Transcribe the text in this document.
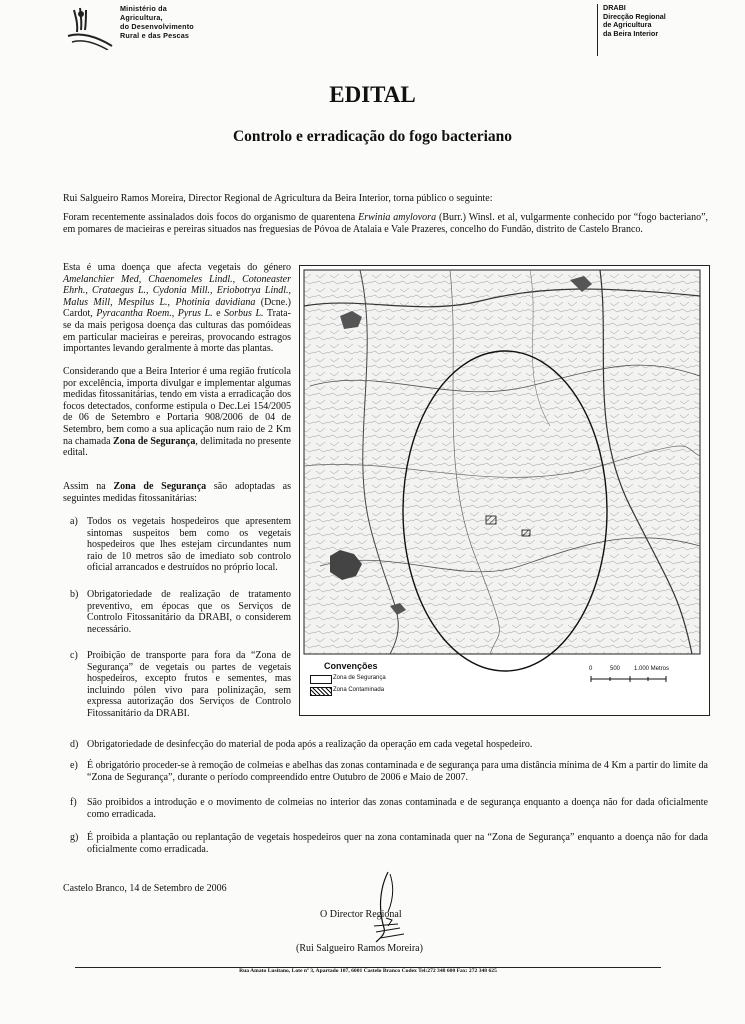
Ministério da
Agricultura,
do Desenvolvimento
Rural e das Pescas
DRABI
Direcção Regional
de Agricultura
da Beira Interior
EDITAL
Controlo e erradicação do fogo bacteriano
Rui Salgueiro Ramos Moreira, Director Regional de Agricultura da Beira Interior, torna público o seguinte:
Foram recentemente assinalados dois focos do organismo de quarentena Erwinia amylovora (Burr.) Winsl. et al, vulgarmente conhecido por “fogo bacteriano”, em pomares de macieiras e pereiras situados nas freguesias de Póvoa de Atalaia e Vale Prazeres, concelho do Fundão, distrito de Castelo Branco.
Esta é uma doença que afecta vegetais do género Amelanchier Med, Chaenomeles Lindl., Cotoneaster Ehrh., Crataegus L., Cydonia Mill., Eriobotrya Lindl., Malus Mill, Mespilus L., Photinia davidiana (Dcne.) Cardot, Pyracantha Roem., Pyrus L. e Sorbus L. Trata-se da mais perigosa doença das culturas das pomóideas em particular macieiras e pereiras, provocando estragos importantes levando geralmente à morte das plantas.
Considerando que a Beira Interior é uma região frutícola por excelência, importa divulgar e implementar algumas medidas fitossanitárias, tendo em vista a erradicação dos focos detectados, conforme estipula o Dec.Lei 154/2005 de 06 de Setembro e Portaria 908/2006 de 04 de Setembro, bem como a sua aplicação num raio de 2 Km na chamada Zona de Segurança, delimitada no presente edital.
Assim na Zona de Segurança são adoptadas as seguintes medidas fitossanitárias:
a) Todos os vegetais hospedeiros que apresentem sintomas suspeitos bem como os vegetais hospedeiros que lhes estejam circundantes num raio de 10 metros são de imediato sob controlo oficial arrancados e destruídos no próprio local.
b) Obrigatoriedade de realização de tratamento preventivo, em épocas que os Serviços de Controlo Fitossanitário da DRABI, o considerem necessário.
c) Proibição de transporte para fora da “Zona de Segurança” de vegetais ou partes de vegetais hospedeiros, excepto frutos e sementes, mas incluindo pólen vivo para polinização, sem expressa autorização dos Serviços de Controlo Fitossanitário da DRABI.
Convenções
Zona de Segurança
Zona Contaminada
0	500 1.000 Metros
d) Obrigatoriedade de desinfecção do material de poda após a realização da operação em cada vegetal hospedeiro.
e) É obrigatório proceder-se à remoção de colmeias e abelhas das zonas contaminada e de segurança para uma distância mínima de 4 Km a partir do limite da “Zona de Segurança”, durante o período compreendido entre Outubro de 2006 e Maio de 2007.
f) São proibidos a introdução e o movimento de colmeias no interior das zonas contaminada e de segurança enquanto a doença não for dada oficialmente como erradicada.
g) É proibida a plantação ou replantação de vegetais hospedeiros quer na zona contaminada quer na “Zona de Segurança” enquanto a doença não for dada oficialmente como erradicada.
Castelo Branco, 14 de Setembro de 2006
O Director Regional
(Rui Salgueiro Ramos Moreira)
Rua Amato Lusitano, Lote nº 3, Apartado 107, 6001 Castelo Branco Codex Tel:272 348 600 Fax: 272 348 625
